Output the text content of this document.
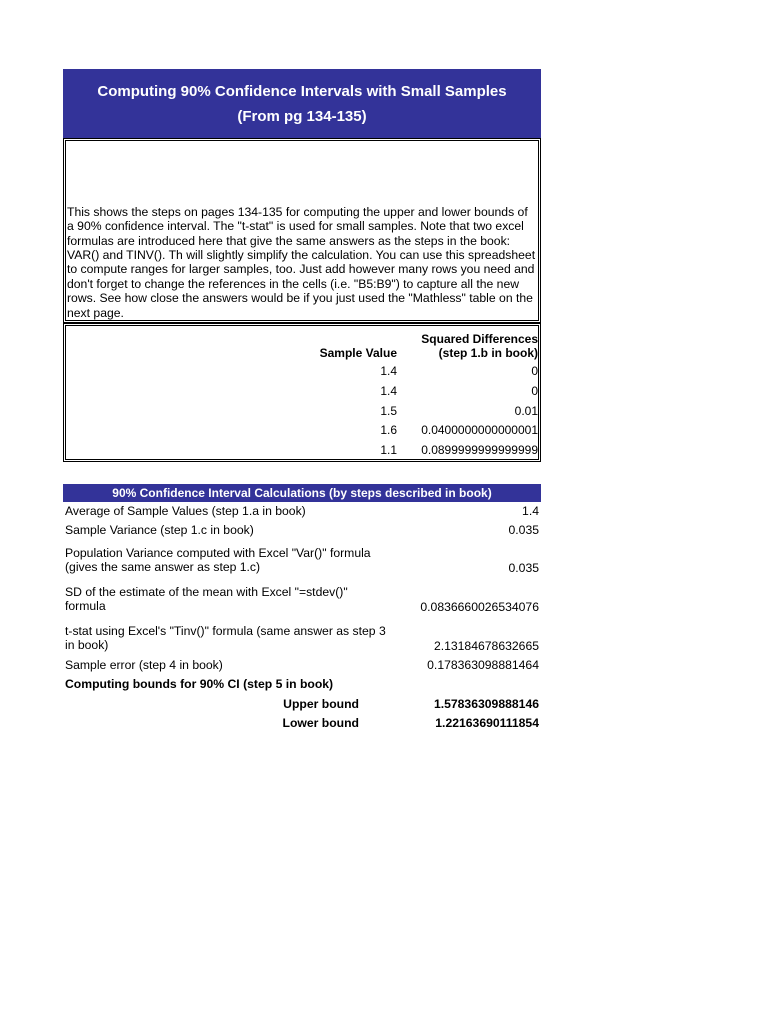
Computing 90% Confidence Intervals with Small Samples
(From pg 134-135)
This shows the steps on pages 134-135 for computing the upper and lower bounds of a 90% confidence interval. The "t-stat" is used for small samples. Note that two excel formulas are introduced here that give the same answers as the steps in the book: VAR() and TINV(). Th will slightly simplify the calculation. You can use this spreadsheet to compute ranges for larger samples, too. Just add however many rows you need and don't forget to change the references in the cells (i.e. "B5:B9") to capture all the new rows. See how close the answers would be if you just used the "Mathless" table on the next page.
Sample Value
Squared Differences
(step 1.b in book)
1.4	0
1.4	0
1.5	0.01
1.6 0.0400000000000001
1.1 0.0899999999999999
90% Confidence Interval Calculations (by steps described in book)
Average of Sample Values (step 1.a in book)	1.4
Sample Variance (step 1.c in book)	0.035
Population Variance computed with Excel "Var()" formula
(gives the same answer as step 1.c)	0.035
SD of the estimate of the mean with Excel "=stdev()"
formula	0.0836660026534076
t-stat using Excel's "Tinv()" formula (same answer as step 3
in book)	2.13184678632665
Sample error (step 4 in book)	0.178363098881464
Computing bounds for 90% CI (step 5 in book)
Upper bound	1.57836309888146
Lower bound	1.22163690111854
